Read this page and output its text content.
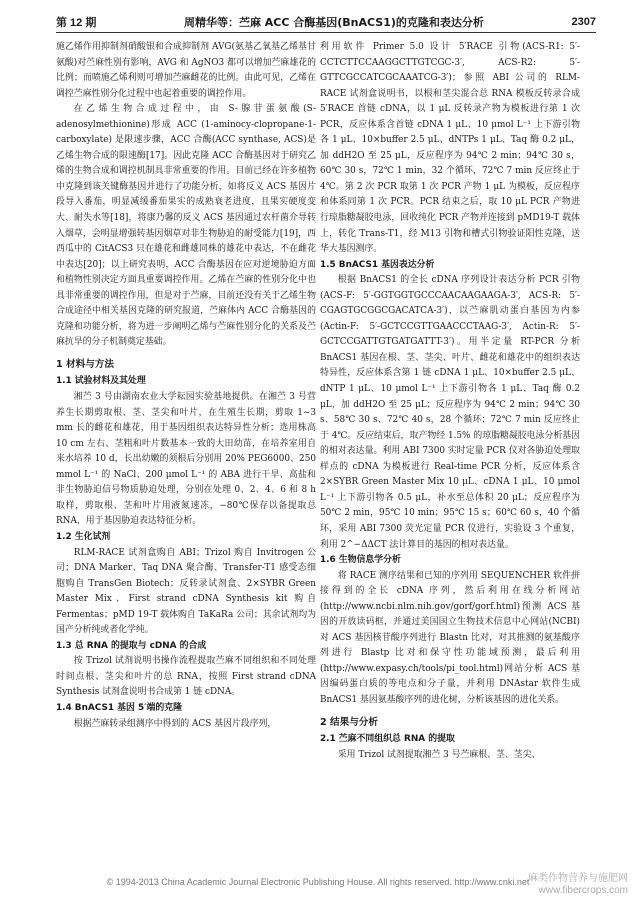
第 12 期	周精华等：苎麻 ACC 合酶基因(BnACS1)的克隆和表达分析	2307

施乙烯作用抑制剂硝酸银和合成抑制剂 AVG(氨基乙氧基乙烯基甘氨酸)对苎麻性别有影响，AVG 和 AgNO3 都可以增加苎麻雄花的比例；而喷施乙烯利则可增加苎麻雌花的比例。由此可见，乙烯在调控苎麻性别分化过程中也起着重要的调控作用。

在乙烯生物合成过程中，由 S-腺苷蛋氨酸(S-adenosylmethionine)形成 ACC (1-aminocy-clopropane-1-carboxylate) 是限速步骤，ACC 合酶(ACC synthase, ACS)是乙烯生物合成的限速酶[17]。因此克隆 ACC 合酶基因对于研究乙烯的生物合成和调控机制具非常重要的作用。目前已经在许多植物中克隆到该关键酶基因并进行了功能分析，如将反义 ACS 基因片段导入番茄，明显减缓番茄果实的成熟衰老进度，且果实硬度变大、耐失水等[18]，将康乃馨的反义 ACS 基因通过农杆菌介导转入烟草，会明显增强转基因烟草对非生物胁迫的耐受能力[19]，西西瓜中的 CitACS3 只在雄花和雌雄同株的雄花中表达，不在雌花中表达[20]；以上研究表明，ACC 合酶基因在应对逆境胁迫方面和植物性别决定方面具重要调控作用。乙烯在苎麻的性别分化中也具非常重要的调控作用，但是对于苎麻，目前还没有关于乙烯生物合成途径中相关基因克隆的研究报道，苎麻体内 ACC 合酶基因的克隆和功能分析，将为进一步阐明乙烯与苎麻性别分化的关系及苎麻抗旱的分子机制奠定基础。

1 材料与方法
1.1 试验材料及其处理

湘苎 3 号由湖南农业大学耘园实验基地提供。在湘苎 3 号营养生长期剪取根、茎、茎尖和叶片，在生殖生长期，剪取 1~3 mm 长的雌花和雄花，用于基因组织表达特异性分析；选用株高 10 cm 左右、茎粗和叶片数基本一致的大田幼苗，在培养室用自来水培养 10 d，长出幼嫩的须根后分别用 20% PEG6000、250 mmol L⁻¹ 的 NaCl、200 μmol L⁻¹ 的 ABA 进行干旱、高盐和非生物胁迫信号物质胁迫处理，分别在处理 0、2、4、6 和 8 h 取样，剪取根、茎和叶片用液氮速冻，−80℃保存以备提取总 RNA，用于基因胁迫表达特征分析。

1.2 生化试剂

RLM-RACE 试剂盒购自 ABI；Trizol 购自 Invitrogen 公司；DNA Marker、Taq DNA 聚合酶、Transfer-T1 感受态细胞购自 TransGen Biotech；反转录试剂盒、2×SYBR Green Master Mix、First strand cDNA Synthesis kit 购自 Fermentas；pMD 19-T 载体购自 TaKaRa 公司；其余试剂均为国产分析纯或者化学纯。

1.3 总 RNA 的提取与 cDNA 的合成

按 Trizol 试剂说明书操作流程提取苎麻不同组织和不同处理时间点根、茎尖和叶片的总 RNA，按照 First strand cDNA Synthesis 试剂盒说明书合成第 1 链 cDNA。

1.4 BnACS1 基因 5′端的克隆

根据苎麻转录组测序中得到的 ACS 基因片段序列，

利用软件 Primer 5.0 设计 5′RACE 引物(ACS-R1: 5′-CCTCTTCCAAGGCTTGTCGC-3′, ACS-R2: 5′-GTTCGCCATCGCAAATCG-3′)；参照 ABI 公司的 RLM-RACE 试剂盒说明书，以根和茎尖混合总 RNA 模板反转录合成 5′RACE 首链 cDNA，以 1 μL 反转录产物为模板进行第 1 次 PCR，反应体系含首链 cDNA 1 μL、10 μmol L⁻¹ 上下游引物各 1 μL、10×buffer 2.5 μL、dNTPs 1 μL、Taq 酶 0.2 μL，加 ddH2O 至 25 μL，反应程序为 94℃ 2 min；94℃ 30 s，60℃ 30 s，72℃ 1 min，32 个循环，72℃ 7 min 反应终止于 4℃。第 2 次 PCR 取第 1 次 PCR 产物 1 μL 为模板，反应程序和体系同第 1 次 PCR。PCR 结束之后，取 10 μL PCR 产物进行琼脂糖凝胶电泳，回收纯化 PCR 产物并连接到 pMD19-T 载体上，转化 Trans-T1，经 M13 引物和槽式引物验证阳性克隆，送华大基因测序。

1.5 BnACS1 基因表达分析

根据 BnACS1 的全长 cDNA 序列设计表达分析 PCR 引物(ACS-F: 5′-GGTGGTGCCCAACAAGAAGA-3′, ACS-R: 5′-CGAGTGCGGCGACATCA-3′)，以苎麻肌动蛋白基因为内参(Actin-F: 5′-GCTCCGTTGAACCCTAAG-3′, Actin-R: 5′-GCTCCGATTGTGATGATTT-3′)。用半定量 RT-PCR 分析 BnACS1 基因在根、茎、茎尖、叶片、雌花和雄花中的组织表达特异性，反应体系含第 1 链 cDNA 1 μL、10×buffer 2.5 μL、dNTP 1 μL、10 μmol L⁻¹ 上下游引物各 1 μL、Taq 酶 0.2 μL，加 ddH2O 至 25 μL；反应程序为 94℃ 2 min；94℃ 30 s、58℃ 30 s、72℃ 40 s，28 个循环；72℃ 7 min 反应终止于 4℃。反应结束后，取产物经 1.5% 的琼脂糖凝胶电泳分析基因的相对表达量。利用 ABI 7300 实时定量 PCR 仪对各胁迫处理取样点的 cDNA 为模板进行 Real-time PCR 分析，反应体系含 2×SYBR Green Master Mix 10 μL、cDNA 1 μL、10 μmol L⁻¹ 上下游引物各 0.5 μL，补水至总体积 20 μL；反应程序为 50℃ 2 min，95℃ 10 min；95℃ 15 s；60℃ 60 s，40 个循环，采用 ABI 7300 荧光定量 PCR 仪进行，实验设 3 个重复，利用 2^−ΔΔCT 法计算目的基因的相对表达量。

1.6 生物信息学分析

将 RACE 测序结果和已知的序列用 SEQUENCHER 软件拼接得到的全长 cDNA 序列，然后利用在线分析网站(http://www.ncbi.nlm.nih.gov/gorf/gorf.html)预测 ACS 基因的开放读码框，并通过美国国立生物技术信息中心网站(NCBI)对 ACS 基因核苷酸序列进行 Blastn 比对，对其推测的氨基酸序列进行 Blastp 比对和保守性功能域预测，最后利用(http://www.expasy.ch/tools/pi_tool.html)网站分析 ACS 基因编码蛋白质的等电点和分子量，并利用 DNAstar 软件生成 BnACS1 基因氨基酸序列的进化树，分析该基因的进化关系。

2 结果与分析
2.1 苎麻不同组织总 RNA 的提取

采用 Trizol 试剂提取湘苎 3 号苎麻根、茎、茎尖、

© 1994-2013 China Academic Journal Electronic Publishing House. All rights reserved. http://www.cnki.net
麻类作物营养与施肥网
www.fibercrops.com
